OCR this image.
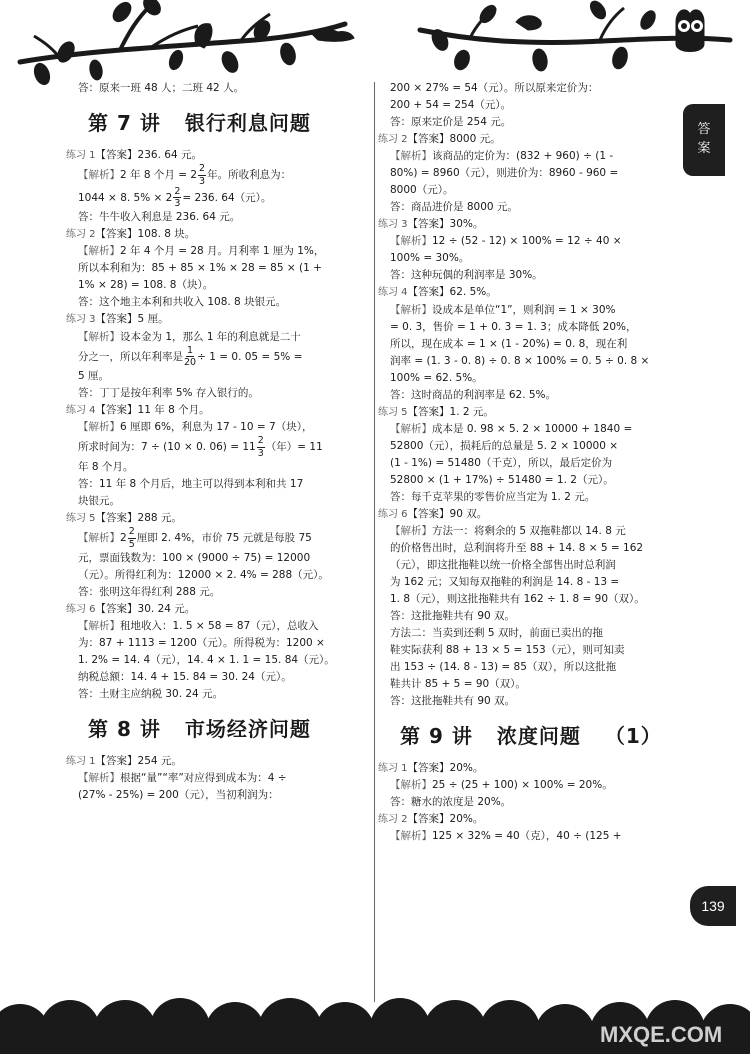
答
案

答：原来一班 48 人；二班 42 人。

第 7 讲 银行利息问题

练习 1【答案】236. 64 元。

【解析】2 年 8 个月 = $2 \frac{2}{3}$ 年。所收利息为：

1044 × 8. $5\% \times 2 \frac{2}{3} = 236$. 64（元）。

答：牛牛收入利息是 236. 64 元。

练习 2【答案】108. 8 块。

【解析】2 年 4 个月 = 28 月。月利率 1 厘为 1%，

所以本利和为：85 + 85 × 1% × 28 = 85 × (1 +

1% × 28) = 108. 8（块）。

答：这个地主本利和共收入 108. 8 块银元。

练习 3【答案】5 厘。

【解析】设本金为 1，那么 1 年的利息就是二十

分之一，所以年利率是 $\frac{1}{20} \div 1 = 0$. 05 = 5% =

5 厘。

答：丁丁是按年利率 5% 存入银行的。

练习 4【答案】11 年 8 个月。

【解析】6 厘即 6%，利息为 17 - 10 = 7（块），

所求时间为：7 ÷ (10 × 0. $06) = 11 \frac{2}{3}$ （年）= 11

年 8 个月。

答：11 年 8 个月后，地主可以得到本利和共 17

块银元。

练习 5【答案】288 元。

【解析】$2 \frac{2}{5}$ 厘即 2. 4%，市价 75 元就是每股 75

元，票面钱数为：100 × (9000 ÷ 75) = 12000

（元）。所得红利为：12000 × 2. 4% = 288（元）。

答：张明这年得红利 288 元。

练习 6【答案】30. 24 元。

【解析】租地收入：1. 5 × 58 = 87（元），总收入

为：87 + 1113 = 1200（元）。所得税为：1200 ×

1. 2% = 14. 4（元），14. 4 × 1. 1 = 15. 84（元）。

纳税总额：14. 4 + 15. 84 = 30. 24（元）。

答：土财主应纳税 30. 24 元。

第 8 讲 市场经济问题

练习 1【答案】254 元。

【解析】根据“量”“率”对应得到成本为：4 ÷

(27% - 25%) = 200（元），当初利润为：

200 × 27% = 54（元）。所以原来定价为：

200 + 54 = 254（元）。

答：原来定价是 254 元。

练习 2【答案】8000 元。

【解析】该商品的定价为：(832 + 960) ÷ (1 -

80%) = 8960（元），则进价为：8960 - 960 =

8000（元）。

答：商品进价是 8000 元。

练习 3【答案】30%。

【解析】12 ÷ (52 - 12) × 100% = 12 ÷ 40 ×

100% = 30%。

答：这种玩偶的利润率是 30%。

练习 4【答案】62. 5%。

【解析】设成本是单位“1”，则利润 = 1 × 30%

= 0. 3，售价 = 1 + 0. 3 = 1. 3；成本降低 20%，

所以，现在成本 = 1 × (1 - 20%) = 0. 8，现在利

润率 = (1. 3 - 0. 8) ÷ 0. 8 × 100% = 0. 5 ÷ 0. 8 ×

100% = 62. 5%。

答：这时商品的利润率是 62. 5%。

练习 5【答案】1. 2 元。

【解析】成本是 0. 98 × 5. 2 × 10000 + 1840 =

52800（元），损耗后的总量是 5. 2 × 10000 ×

(1 - 1%) = 51480（千克），所以，最后定价为

52800 × (1 + 17%) ÷ 51480 = 1. 2（元）。

答：每千克苹果的零售价应当定为 1. 2 元。

练习 6【答案】90 双。

【解析】方法一：将剩余的 5 双拖鞋都以 14. 8 元

的价格售出时，总利润将升至 88 + 14. 8 × 5 = 162

（元），即这批拖鞋以统一价格全部售出时总利润

为 162 元；又知每双拖鞋的利润是 14. 8 - 13 =

1. 8（元），则这批拖鞋共有 162 ÷ 1. 8 = 90（双）。

答：这批拖鞋共有 90 双。

方法二：当卖到还剩 5 双时，前面已卖出的拖

鞋实际获利 88 + 13 × 5 = 153（元），则可知卖

出 153 ÷ (14. 8 - 13) = 85（双），所以这批拖

鞋共计 85 + 5 = 90（双）。

答：这批拖鞋共有 90 双。

第 9 讲 浓度问题 （1）

练习 1【答案】20%。

【解析】25 ÷ (25 + 100) × 100% = 20%。

答：糖水的浓度是 20%。

练习 2【答案】20%。

【解析】125 × 32% = 40（克），40 ÷ (125 +

139
MXQE.COM
